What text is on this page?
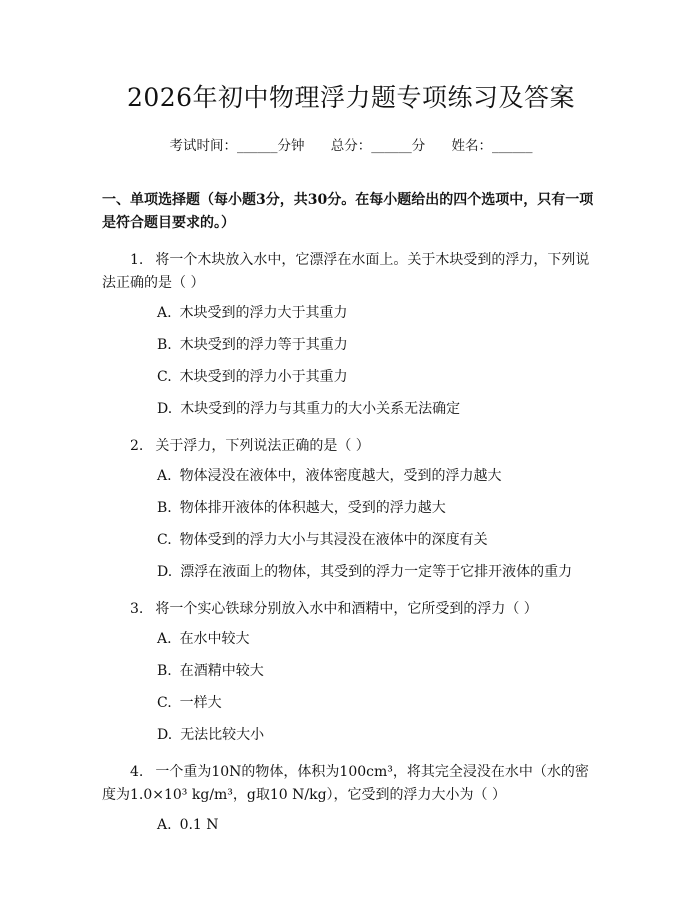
2026年初中物理浮力题专项练习及答案
考试时间：______分钟 总分：______分 姓名：______
一、单项选择题（每小题3分，共30分。在每小题给出的四个选项中，只有一项是符合题目要求的。）
1. 将一个木块放入水中，它漂浮在水面上。关于木块受到的浮力，下列说法正确的是（ ）
A. 木块受到的浮力大于其重力
B. 木块受到的浮力等于其重力
C. 木块受到的浮力小于其重力
D. 木块受到的浮力与其重力的大小关系无法确定
2. 关于浮力，下列说法正确的是（ ）
A. 物体浸没在液体中，液体密度越大，受到的浮力越大
B. 物体排开液体的体积越大，受到的浮力越大
C. 物体受到的浮力大小与其浸没在液体中的深度有关
D. 漂浮在液面上的物体，其受到的浮力一定等于它排开液体的重力
3. 将一个实心铁球分别放入水中和酒精中，它所受到的浮力（ ）
A. 在水中较大
B. 在酒精中较大
C. 一样大
D. 无法比较大小
4. 一个重为10N的物体，体积为100cm³，将其完全浸没在水中（水的密度为1.0×10³ kg/m³，g取10 N/kg），它受到的浮力大小为（ ）
A. 0.1 N
